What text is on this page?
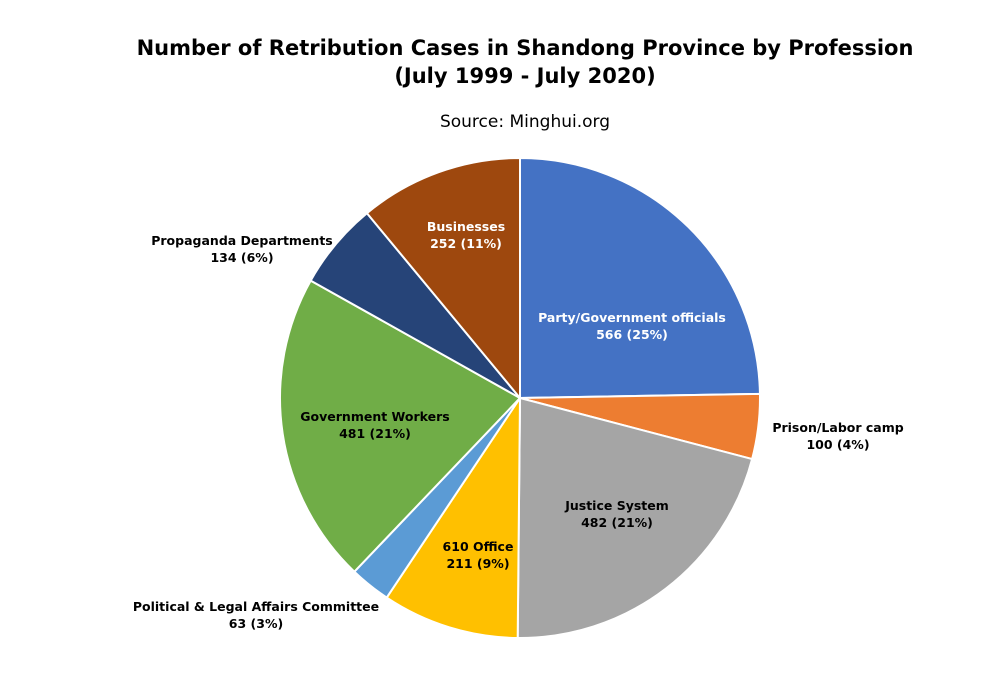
Number of Retribution Cases in Shandong Province by Profession
(July 1999 - July 2020)
Source: Minghui.org
Party/Government officials 566 (25%)
Prison/Labor camp 100 (4%)
Justice System 482 (21%)
610 Office 211 (9%)
Political & Legal Affairs Committee 63 (3%)
Government Workers 481 (21%)
Propaganda Departments 134 (6%)
Businesses 252 (11%)
